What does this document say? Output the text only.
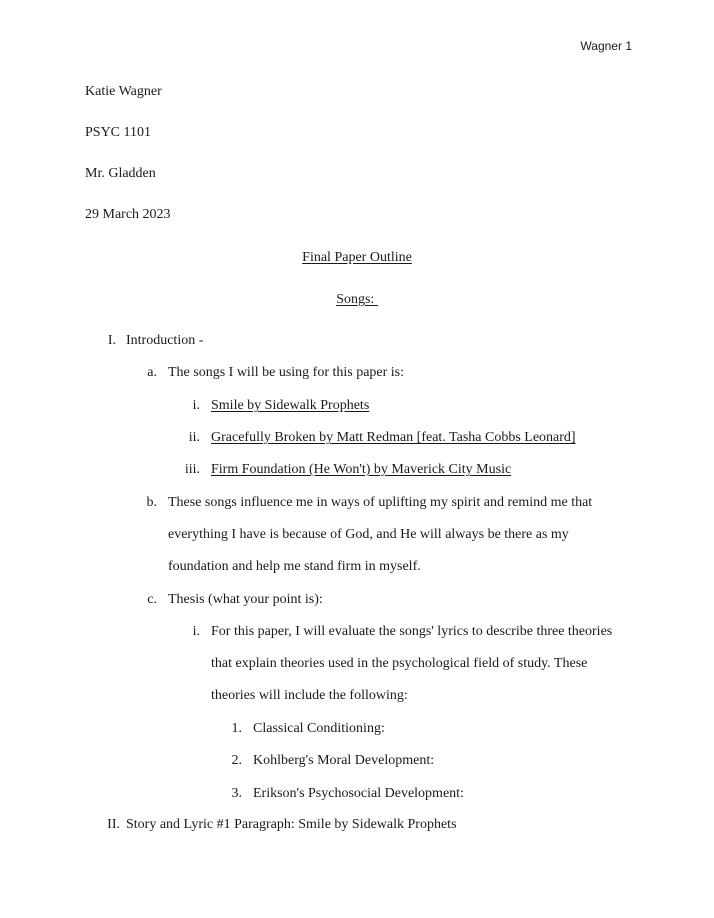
Wagner 1
Katie Wagner
PSYC 1101
Mr. Gladden
29 March 2023
Final Paper Outline
Songs:
I. Introduction -
a. The songs I will be using for this paper is:
i. Smile by Sidewalk Prophets
ii. Gracefully Broken by Matt Redman [feat. Tasha Cobbs Leonard]
iii. Firm Foundation (He Won't) by Maverick City Music
b. These songs influence me in ways of uplifting my spirit and remind me that
everything I have is because of God, and He will always be there as my
foundation and help me stand firm in myself.
c. Thesis (what your point is):
i. For this paper, I will evaluate the songs' lyrics to describe three theories
that explain theories used in the psychological field of study. These
theories will include the following:
1. Classical Conditioning:
2. Kohlberg's Moral Development:
3. Erikson's Psychosocial Development:
II. Story and Lyric #1 Paragraph: Smile by Sidewalk Prophets
